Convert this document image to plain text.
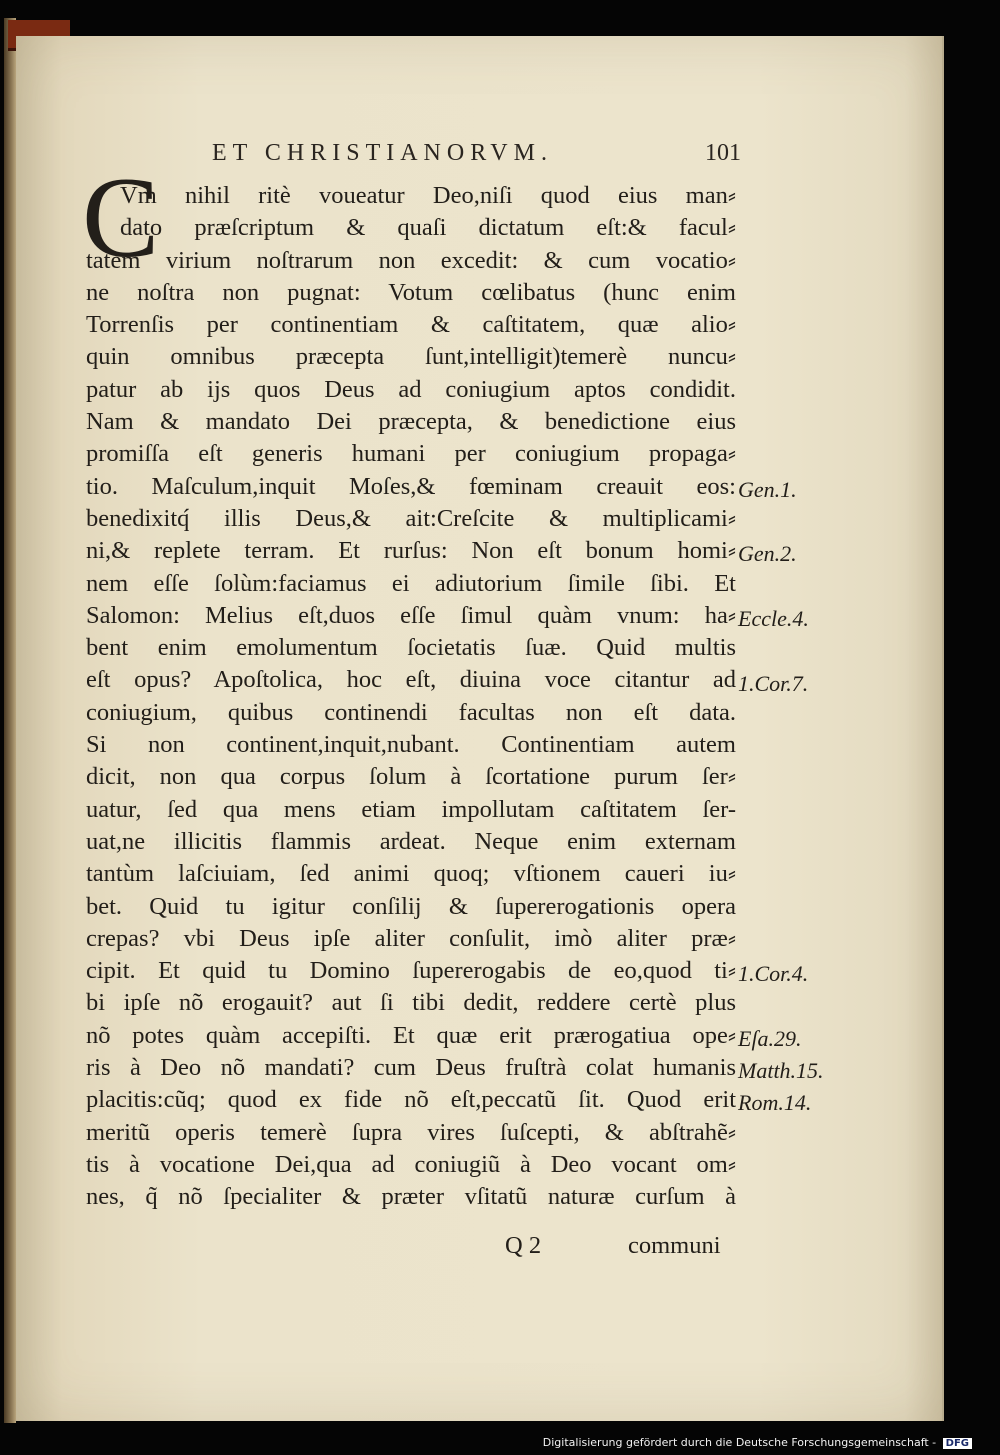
ET CHRISTIANORVM.	101
C
Vm nihil ritè voueatur Deo,niſi quod eius man⸗
dato præſcriptum & quaſi dictatum eſt:& facul⸗
tatem virium noſtrarum non excedit: & cum vocatio⸗
ne noſtra non pugnat: Votum cœlibatus (hunc enim
Torrenſis per continentiam & caſtitatem, quæ alio⸗
quin omnibus præcepta ſunt,intelligit)temerè nuncu⸗
patur ab ijs quos Deus ad coniugium aptos condidit.
Nam & mandato Dei præcepta, & benedictione eius
promiſſa eſt generis humani per coniugium propaga⸗
tio. Maſculum,inquit Moſes,& fœminam creauit eos:
benedixitq́ illis Deus,& ait:Creſcite & multiplicami⸗
ni,& replete terram. Et rurſus: Non eſt bonum homi⸗
nem eſſe ſolùm:faciamus ei adiutorium ſimile ſibi. Et
Salomon: Melius eſt,duos eſſe ſimul quàm vnum: ha⸗
bent enim emolumentum ſocietatis ſuæ. Quid multis
eſt opus? Apoſtolica, hoc eſt, diuina voce citantur ad
coniugium, quibus continendi facultas non eſt data.
Si non continent,inquit,nubant. Continentiam autem
dicit, non qua corpus ſolum à ſcortatione purum ſer⸗
uatur, ſed qua mens etiam impollutam caſtitatem ſer-
uat,ne illicitis flammis ardeat. Neque enim externam
tantùm laſciuiam, ſed animi quoq; vſtionem caueri iu⸗
bet. Quid tu igitur conſilij & ſupererogationis opera
crepas? vbi Deus ipſe aliter conſulit, imò aliter præ⸗
cipit. Et quid tu Domino ſupererogabis de eo,quod ti⸗
bi ipſe nõ erogauit? aut ſi tibi dedit, reddere certè plus
nõ potes quàm accepiſti. Et quæ erit prærogatiua ope⸗
ris à Deo nõ mandati? cum Deus fruſtrà colat humanis
placitis:cũq; quod ex fide nõ eſt,peccatũ ſit. Quod erit
meritũ operis temerè ſupra vires ſuſcepti, & abſtrahẽ⸗
tis à vocatione Dei,qua ad coniugiũ à Deo vocant om⸗
nes, q̃ nõ ſpecialiter & præter vſitatũ naturæ curſum à
Gen.1.
Gen.2.
Eccle.4.
1.Cor.7.
1.Cor.4.
Eſa.29.
Matth.15.
Rom.14.
Q 2	communi
Digitalisierung gefördert durch die Deutsche Forschungsgemeinschaft - DFG
